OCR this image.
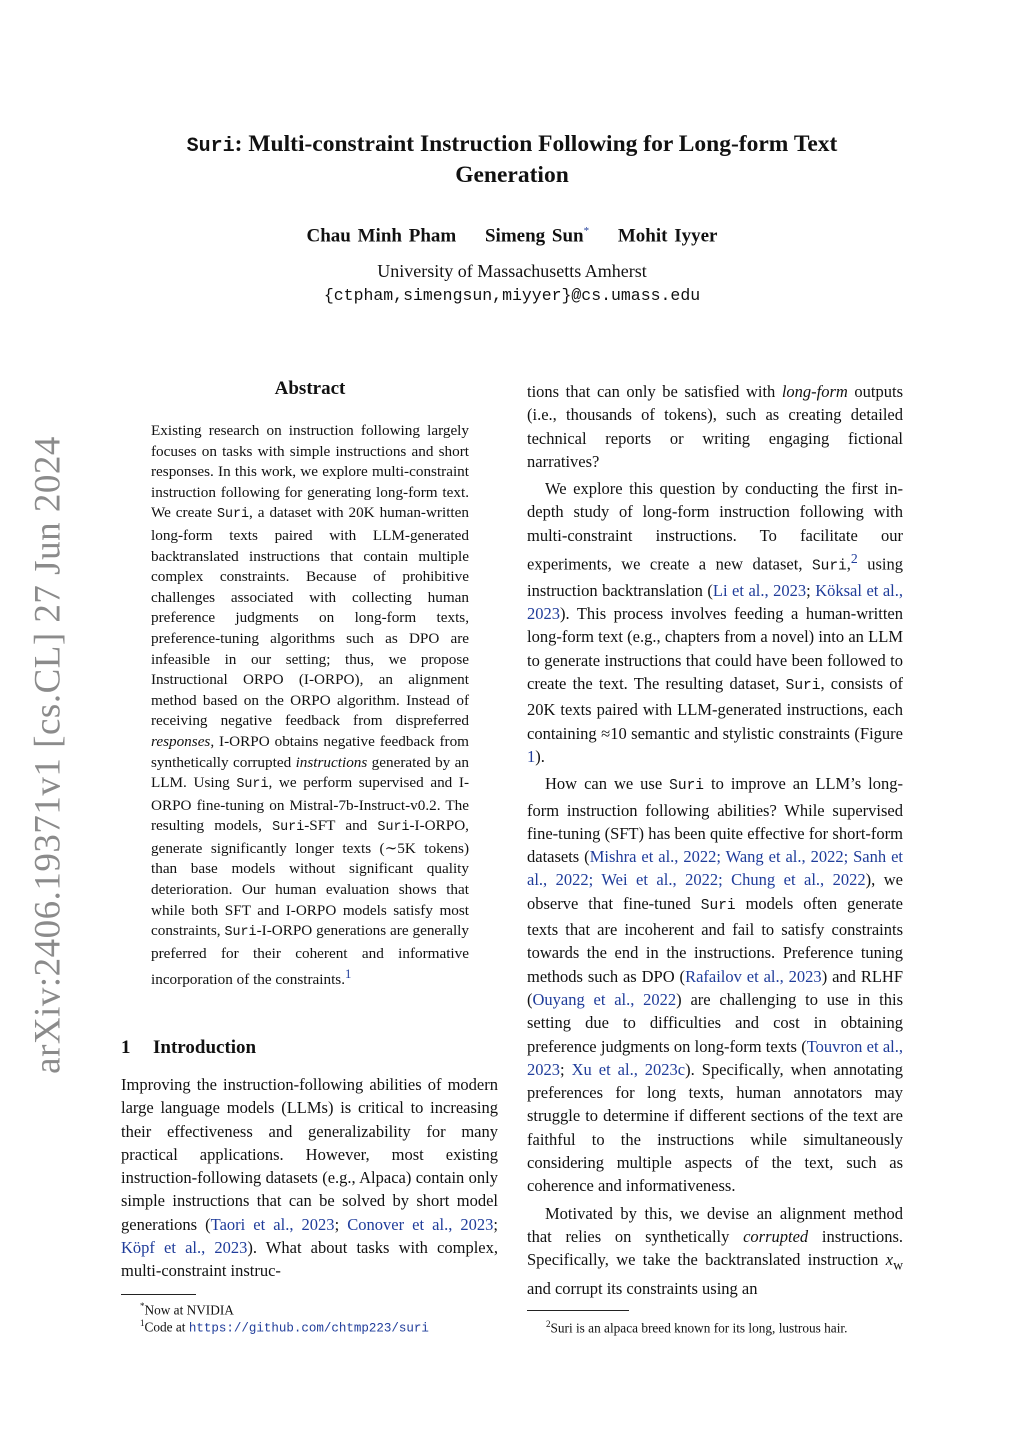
arXiv:2406.19371v1 [cs.CL] 27 Jun 2024
Suri: Multi-constraint Instruction Following for Long-form Text
Generation
Chau Minh Pham Simeng Sun* Mohit Iyyer
University of Massachusetts Amherst
{ctpham,simengsun,miyyer}@cs.umass.edu
Abstract
Existing research on instruction following largely focuses on tasks with simple instructions and short responses. In this work, we explore multi-constraint instruction following for generating long-form text. We create Suri, a dataset with 20K human-written long-form texts paired with LLM-generated backtranslated instructions that contain multiple complex constraints. Because of prohibitive challenges associated with collecting human preference judgments on long-form texts, preference-tuning algorithms such as DPO are infeasible in our setting; thus, we propose Instructional ORPO (I-ORPO), an alignment method based on the ORPO algorithm. Instead of receiving negative feedback from dispreferred responses, I-ORPO obtains negative feedback from synthetically corrupted instructions generated by an LLM. Using Suri, we perform supervised and I-ORPO fine-tuning on Mistral-7b-Instruct-v0.2. The resulting models, Suri-SFT and Suri-I-ORPO, generate significantly longer texts (∼5K tokens) than base models without significant quality deterioration. Our human evaluation shows that while both SFT and I-ORPO models satisfy most constraints, Suri-I-ORPO generations are generally preferred for their coherent and informative incorporation of the constraints.$^1$
1 Introduction
Improving the instruction-following abilities of modern large language models (LLMs) is critical to increasing their effectiveness and generalizability for many practical applications. However, most existing instruction-following datasets (e.g., Alpaca) contain only simple instructions that can be solved by short model generations (Taori et al., 2023; Conover et al., 2023; Köpf et al., 2023). What about tasks with complex, multi-constraint instruc-

tions that can only be satisfied with long-form outputs (i.e., thousands of tokens), such as creating detailed technical reports or writing engaging fictional narratives?

We explore this question by conducting the first in-depth study of long-form instruction following with multi-constraint instructions. To facilitate our experiments, we create a new dataset, Suri,$^2$ using instruction backtranslation (Li et al., 2023; Köksal et al., 2023). This process involves feeding a human-written long-form text (e.g., chapters from a novel) into an LLM to generate instructions that could have been followed to create the text. The resulting dataset, Suri, consists of 20K texts paired with LLM-generated instructions, each containing ≈10 semantic and stylistic constraints (Figure 1).

How can we use Suri to improve an LLM’s long-form instruction following abilities? While supervised fine-tuning (SFT) has been quite effective for short-form datasets (Mishra et al., 2022; Wang et al., 2022; Sanh et al., 2022; Wei et al., 2022; Chung et al., 2022), we observe that fine-tuned Suri models often generate texts that are incoherent and fail to satisfy constraints towards the end in the instructions. Preference tuning methods such as DPO (Rafailov et al., 2023) and RLHF (Ouyang et al., 2022) are challenging to use in this setting due to difficulties and cost in obtaining preference judgments on long-form texts (Touvron et al., 2023; Xu et al., 2023c). Specifically, when annotating preferences for long texts, human annotators may struggle to determine if different sections of the text are faithful to the instructions while simultaneously considering multiple aspects of the text, such as coherence and informativeness.

Motivated by this, we devise an alignment method that relies on synthetically corrupted instructions. Specifically, we take the backtranslated instruction $x_w$ and corrupt its constraints using an

*Now at NVIDIA
$^1$Code at https://github.com/chtmp223/suri	$^2$Suri is an alpaca breed known for its long, lustrous hair.
